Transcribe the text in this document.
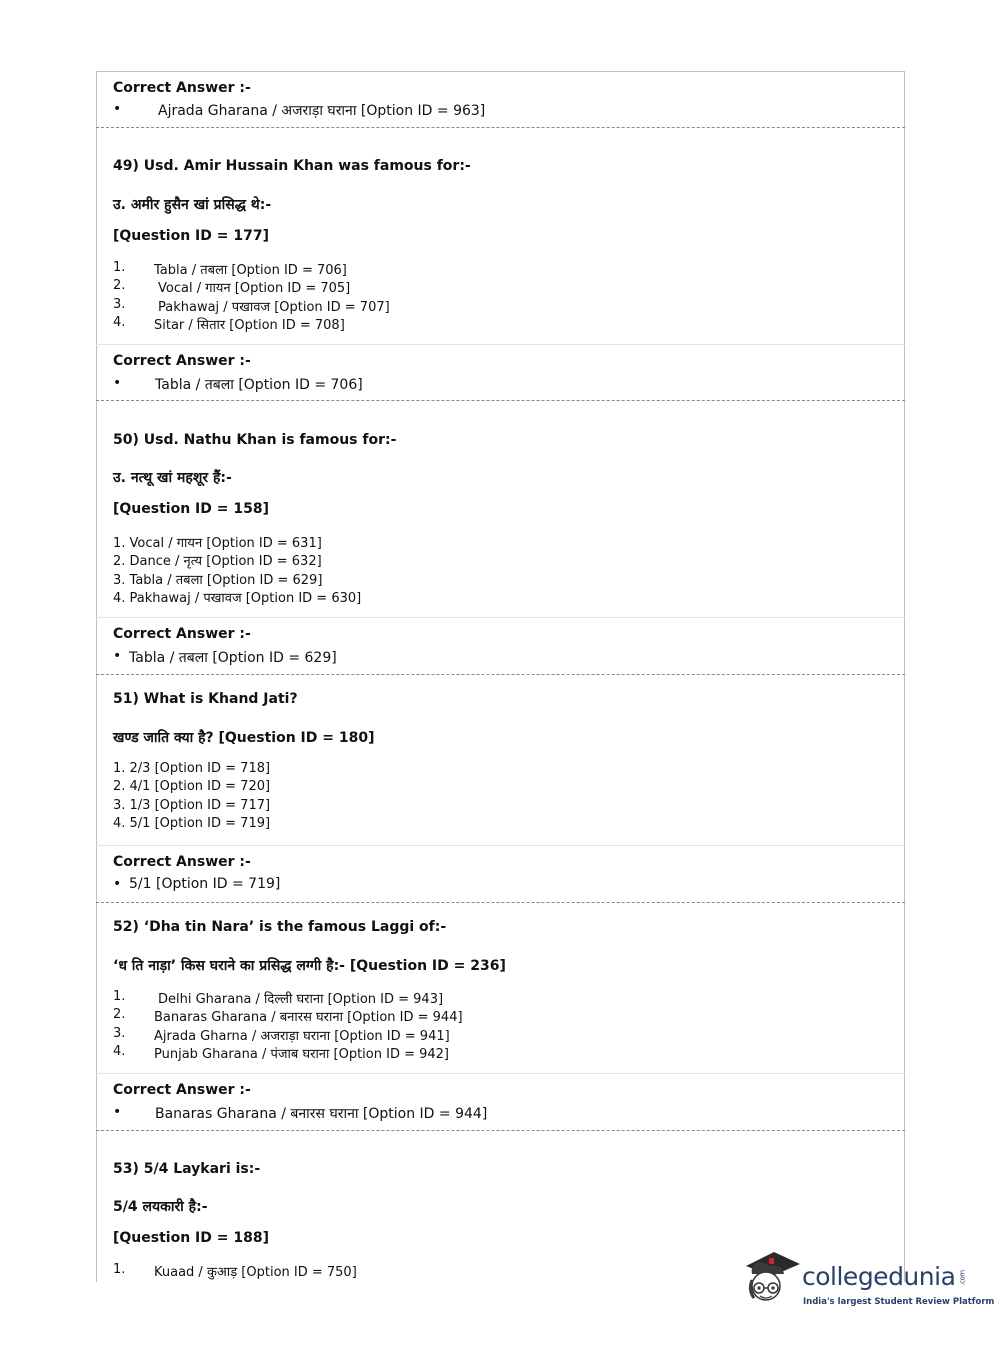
Correct Answer :-
•	Ajrada Gharana / अजराड़ा घराना [Option ID = 963]
49) Usd. Amir Hussain Khan was famous for:-
उ. अमीर हुसैन खां प्रसिद्ध थे:-
[Question ID = 177]
1. Tabla / तबला [Option ID = 706]
2.	Vocal / गायन [Option ID = 705]
3.	Pakhawaj / पखावज [Option ID = 707]
4. Sitar / सितार [Option ID = 708]
Correct Answer :-
• Tabla / तबला [Option ID = 706]
50) Usd. Nathu Khan is famous for:-
उ. नत्थू खां महशूर हैं:-
[Question ID = 158]
1. Vocal / गायन [Option ID = 631]
2. Dance / नृत्य [Option ID = 632]
3. Tabla / तबला [Option ID = 629]
4. Pakhawaj / पखावज [Option ID = 630]
Correct Answer :-
• Tabla / तबला [Option ID = 629]
51) What is Khand Jati?
खण्ड जाति क्या है? [Question ID = 180]
1. 2/3 [Option ID = 718]
2. 4/1 [Option ID = 720]
3. 1/3 [Option ID = 717]
4. 5/1 [Option ID = 719]
Correct Answer :-
• 5/1 [Option ID = 719]
52) ‘Dha tin Nara’ is the famous Laggi of:-
‘ध ति नाड़ा’ किस घराने का प्रसिद्ध लग्गी है:- [Question ID = 236]
1.	Delhi Gharana / दिल्ली घराना [Option ID = 943]
2. Banaras Gharana / बनारस घराना [Option ID = 944]
3. Ajrada Gharna / अजराड़ा घराना [Option ID = 941]
4. Punjab Gharana / पंजाब घराना [Option ID = 942]
Correct Answer :-
• Banaras Gharana / बनारस घराना [Option ID = 944]
53) 5/4 Laykari is:-
5/4 लयकारी है:-
[Question ID = 188]
1. Kuaad / कुआड़ [Option ID = 750]	collegedunia .com
India's largest Student Review Platform
